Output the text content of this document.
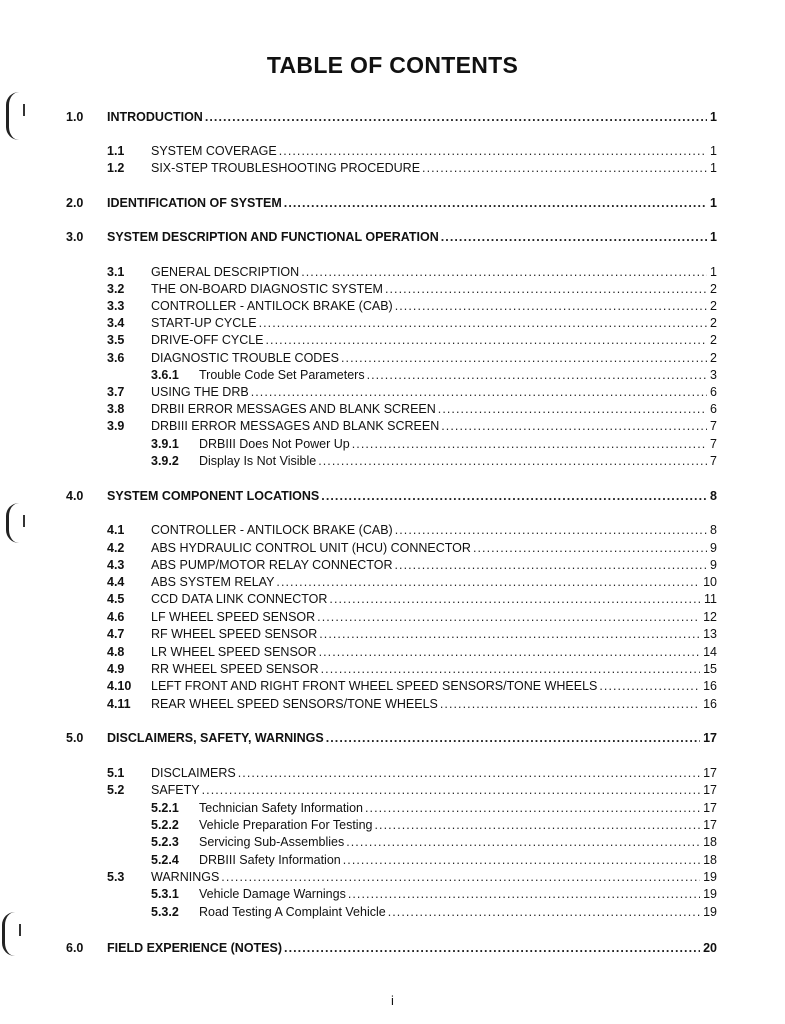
TABLE OF CONTENTS
1.0 INTRODUCTION . . .	1
1.1 SYSTEM COVERAGE . . .	1
1.2 SIX-STEP TROUBLESHOOTING PROCEDURE . . .	1
2.0 IDENTIFICATION OF SYSTEM . . .	1
3.0 SYSTEM DESCRIPTION AND FUNCTIONAL OPERATION . . .	1
3.1 GENERAL DESCRIPTION . . .	1
3.2 THE ON-BOARD DIAGNOSTIC SYSTEM . . .	2
3.3 CONTROLLER - ANTILOCK BRAKE (CAB) . . .	2
3.4 START-UP CYCLE . . .	2
3.5 DRIVE-OFF CYCLE . . .	2
3.6 DIAGNOSTIC TROUBLE CODES . . .	2
3.6.1 Trouble Code Set Parameters . . .	3
3.7 USING THE DRB . . .	6
3.8 DRBII ERROR MESSAGES AND BLANK SCREEN . . .	6
3.9 DRBIII ERROR MESSAGES AND BLANK SCREEN . . .	7
3.9.1 DRBIII Does Not Power Up . . .	7
3.9.2 Display Is Not Visible . . .	7
4.0 SYSTEM COMPONENT LOCATIONS . . .	8
4.1 CONTROLLER - ANTILOCK BRAKE (CAB) . . .	8
4.2 ABS HYDRAULIC CONTROL UNIT (HCU) CONNECTOR . . .	9
4.3 ABS PUMP/MOTOR RELAY CONNECTOR . . .	9
4.4 ABS SYSTEM RELAY . . .	10
4.5 CCD DATA LINK CONNECTOR . . .	11
4.6 LF WHEEL SPEED SENSOR . . .	12
4.7 RF WHEEL SPEED SENSOR . . .	13
4.8 LR WHEEL SPEED SENSOR . . .	14
4.9 RR WHEEL SPEED SENSOR . . .	15
4.10 LEFT FRONT AND RIGHT FRONT WHEEL SPEED SENSORS/TONE WHEELS . . .	16
4.11 REAR WHEEL SPEED SENSORS/TONE WHEELS . . .	16
5.0 DISCLAIMERS, SAFETY, WARNINGS . . .	17
5.1 DISCLAIMERS . . .	17
5.2 SAFETY . . .	17
5.2.1 Technician Safety Information . . .	17
5.2.2 Vehicle Preparation For Testing . . .	17
5.2.3 Servicing Sub-Assemblies . . .	18
5.2.4 DRBIII Safety Information . . .	18
5.3 WARNINGS . . .	19
5.3.1 Vehicle Damage Warnings . . .	19
5.3.2 Road Testing A Complaint Vehicle . . .	19
6.0 FIELD EXPERIENCE (NOTES) . . .	20
i
